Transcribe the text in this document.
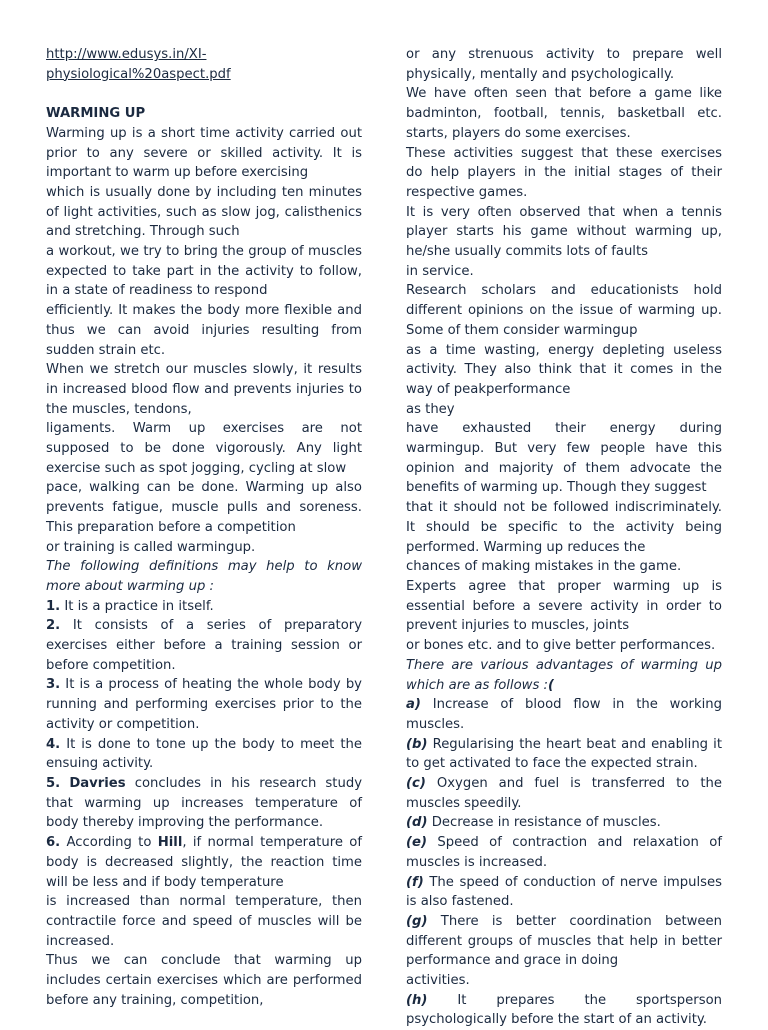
http://www.edusys.in/XI-
physiological%20aspect.pdf

WARMING UP

Warming up is a short time activity carried out prior to any severe or skilled activity. It is important to warm up before exercising

which is usually done by including ten minutes of light activities, such as slow jog, calisthenics and stretching. Through such

a workout, we try to bring the group of muscles expected to take part in the activity to follow, in a state of readiness to respond

efficiently. It makes the body more flexible and thus we can avoid injuries resulting from sudden strain etc.

When we stretch our muscles slowly, it results in increased blood flow and prevents injuries to the muscles, tendons,

ligaments. Warm up exercises are not supposed to be done vigorously. Any light exercise such as spot jogging, cycling at slow

pace, walking can be done. Warming up also prevents fatigue, muscle pulls and soreness. This preparation before a competition

or training is called warmingup.

The following definitions may help to know more about warming up :

1. It is a practice in itself.

2. It consists of a series of preparatory exercises either before a training session or before competition.

3. It is a process of heating the whole body by running and performing exercises prior to the activity or competition.

4. It is done to tone up the body to meet the ensuing activity.

5. Davries concludes in his research study that warming up increases temperature of body thereby improving the performance.

6. According to Hill, if normal temperature of body is decreased slightly, the reaction time will be less and if body temperature

is increased than normal temperature, then contractile force and speed of muscles will be increased.

Thus we can conclude that warming up includes certain exercises which are performed before any training, competition,

or any strenuous activity to prepare well physically, mentally and psychologically.

We have often seen that before a game like badminton, football, tennis, basketball etc. starts, players do some exercises.

These activities suggest that these exercises do help players in the initial stages of their respective games.

It is very often observed that when a tennis player starts his game without warming up, he/she usually commits lots of faults

in service.

Research scholars and educationists hold different opinions on the issue of warming up. Some of them consider warmingup

as a time wasting, energy depleting useless activity. They also think that it comes in the way of peakperformance

as they

have exhausted their energy during warmingup. But very few people have this opinion and majority of them advocate the benefits of warming up. Though they suggest

that it should not be followed indiscriminately. It should be specific to the activity being performed. Warming up reduces the

chances of making mistakes in the game.

Experts agree that proper warming up is essential before a severe activity in order to prevent injuries to muscles, joints

or bones etc. and to give better performances.

There are various advantages of warming up which are as follows :(

a) Increase of blood flow in the working muscles.

(b) Regularising the heart beat and enabling it to get activated to face the expected strain.

(c) Oxygen and fuel is transferred to the muscles speedily.

(d) Decrease in resistance of muscles.

(e) Speed of contraction and relaxation of muscles is increased.

(f) The speed of conduction of nerve impulses is also fastened.

(g) There is better coordination between different groups of muscles that help in better performance and grace in doing

activities.

(h) It prepares the sportsperson psychologically before the start of an activity.
